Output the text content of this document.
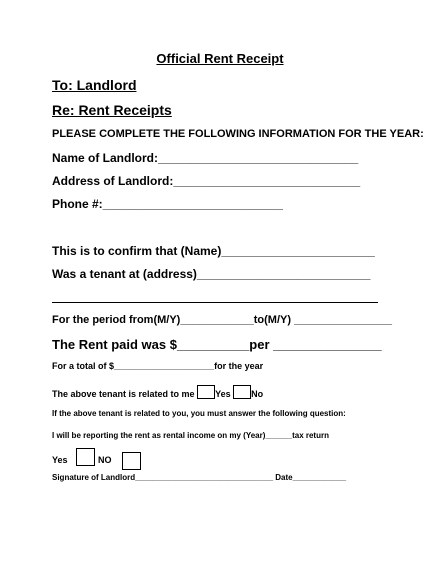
Official Rent Receipt
To: Landlord
Re: Rent Receipts
PLEASE COMPLETE THE FOLLOWING INFORMATION FOR THE YEAR:
Name of Landlord:______________________________
Address of Landlord:____________________________
Phone #:___________________________
This is to confirm that (Name)_______________________
Was a tenant at (address)__________________________
For the period from(M/Y)____________to(M/Y) ________________
The Rent paid was $__________per _______________
For a total of $____________________for the year
The above tenant is related to me Yes No
If the above tenant is related to you, you must answer the following question:
I will be reporting the rent as rental income on my (Year)______tax return
Yes	NO
Signature of Landlord_______________________________ Date____________
